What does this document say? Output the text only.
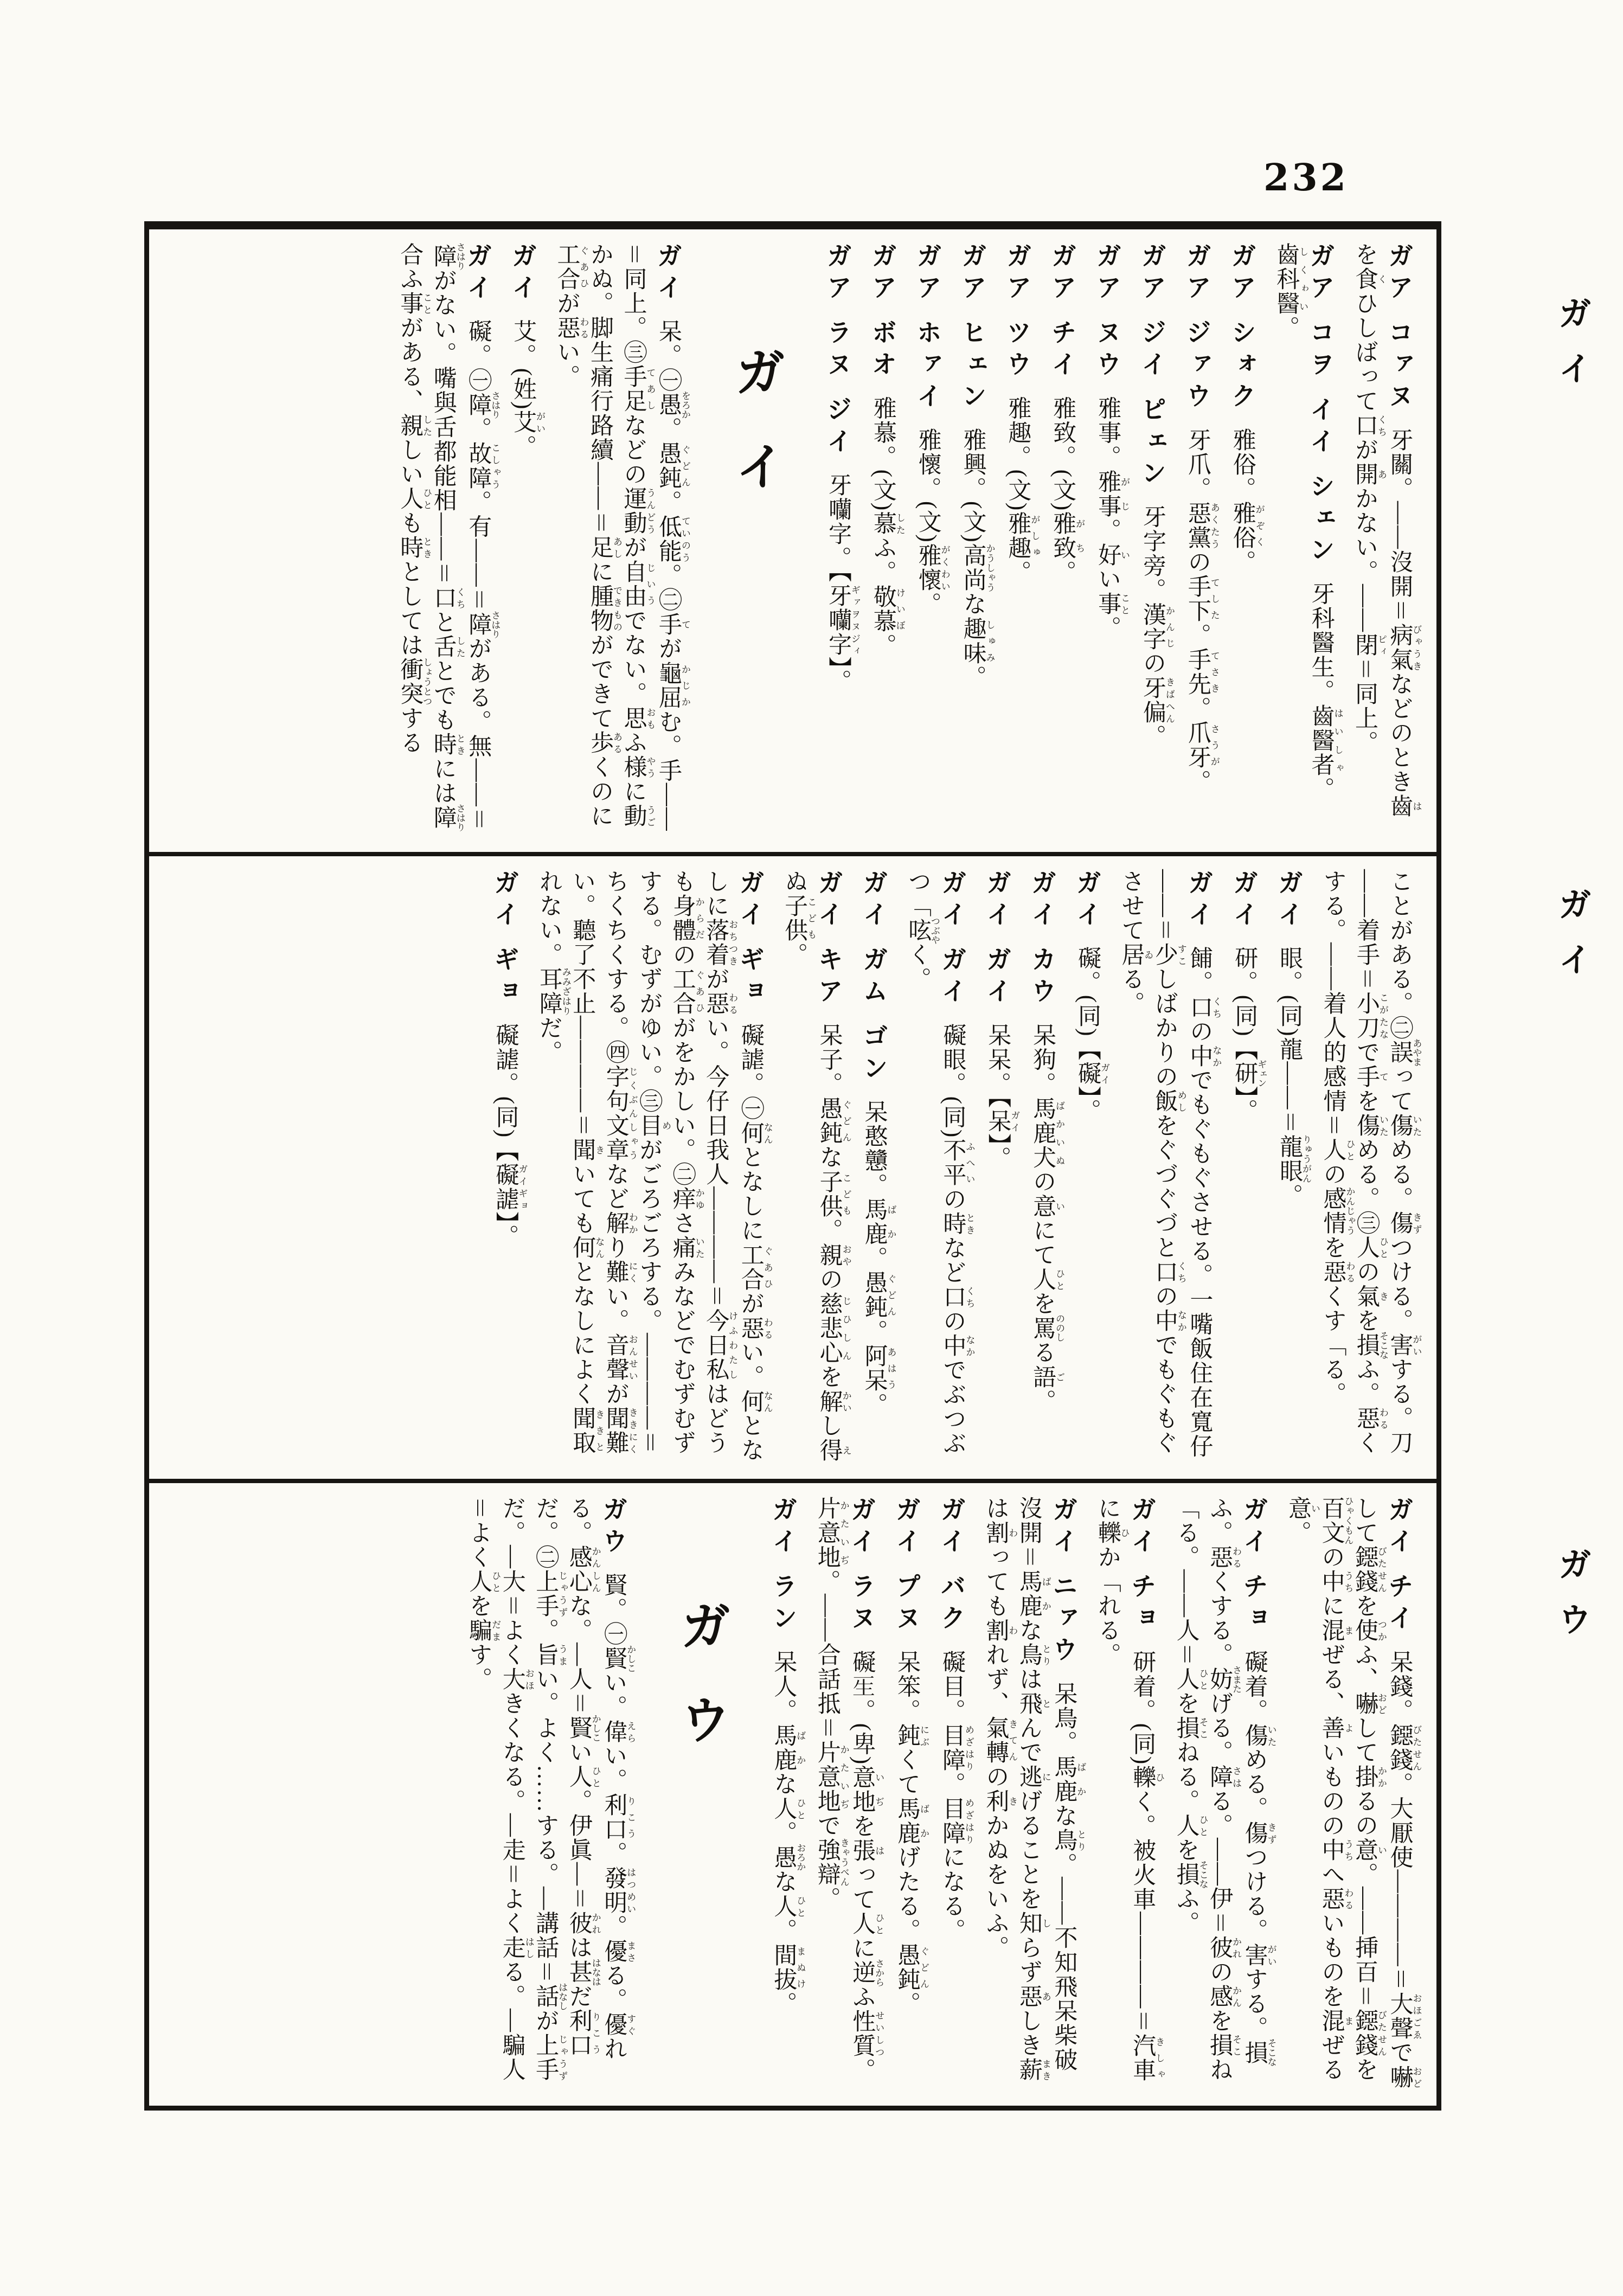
232
ガイ
ガイ
ガウ
ガア コァヌ 牙關。——沒開＝病氣びゃうきなどのとき齒はを食くひしばって口くちが開あかない。——閉ピィ＝同上。
ガア コヲ イイ シェン 牙科醫生。齒醫者はいしゃ。齒科醫しくゎい。
ガア シォク 雅俗。雅俗がぞく。
ガア ジァウ 牙爪。惡黨あくたうの手下てした。手先てさき。爪牙さうが。
ガア ジイ ピェン 牙字旁。漢字かんじの牙偏きばへん。
ガア ヌウ 雅事。雅事がじ。好いい事こと。
ガア チイ 雅致。(文)雅致がち。
ガア ツウ 雅趣。(文)雅趣がしゅ。
ガア ヒェン 雅興。(文)高尚かうしゃうな趣味しゅみ。
ガア ホァイ 雅懷。(文)雅懷がくわい。
ガア ボオ 雅慕。(文)慕したふ。敬慕けいぼ。
ガア ラヌ ジイ 牙囒字。【牙囒字ギァヲヌジィ】。
ガイ
ガイ 呆。㊀愚をろか。愚鈍ぐどん。低能ていのう。㊁手てが龜屈かじかむ。手——＝同上。㊂手足てあしなどの運動うんどうが自由じいうでない。思おもふ様やうに動うごかぬ。脚生痛行路續——＝足あしに腫物できものができて歩あるくのに工合ぐあひが惡わるい。
ガイ 艾。(姓)艾がい。
ガイ 礙。㊀障さはり。故障こしゃう。有——＝障さはりがある。無——＝障さはりがない。嘴與舌都能相——＝口くちと舌したとでも時ときには障さはり合ふ事ことがある、親したしい人ひとも時ときとしては衝突しょうとつする
ことがある。㊁誤あやまって傷いためる。傷きずつける。害がいする。刀——着手＝小刀こがたなで手てを傷いためる。㊂人ひとの氣きを損そこなふ。惡わるくする。——着人的感情＝人ひとの感情かんじゃうを惡わるくす「る。
ガイ 眼。(同)龍——＝龍眼りゅうがん。
ガイ 研。(同)【研ギェン】。
ガイ 餔。口くちの中なかでもぐもぐさせる。一嘴飯住在寬仔——＝少すこしばかりの飯めしをぐづぐづと口くちの中なかでもぐもぐさせて居ゐる。
ガイ 礙。(同)【礙ガイ】。
ガイ カウ 呆狗。馬鹿犬ばかいぬの意いにて人ひとを罵ののしる語ご。
ガイ ガイ 呆呆。【呆ガイ】。
ガイ ガイ 礙眼。(同)不平ふへいの時ときなど口くちの中なかでぶつぶつ「呟つぶやく。
ガイ ガム ゴン 呆憨戇。馬鹿ばか。愚鈍ぐどん。阿呆あはう。
ガイ キア 呆子。愚鈍ぐどんな子供こども。親おやの慈悲心じひしんを解かいし得えぬ子供こども。
ガイ ギョ 礙謔。㊀何なんとなしに工合ぐあひが惡わるい。何なんとなしに落着おちつきが惡わるい。今仔日我人————＝今日私けふわたしはどうも身體からだの工合ぐあひがをかしい。㊁痒かゆさ痛いたみなどでむずむずする。むずがゆい。㊂目めがごろごろする。————＝ちくちくする。㊃字句文章じくぶんしゃうなど解わかり難にくい。音聲おんせいが聞難ききにくい。聽了不止————＝聞きいても何なんとなしによく聞取ききとれない。耳障みみざはりだ。
ガイ ギョ 礙謔。(同)【礙謔ガイギョ】。
ガイ チイ 呆錢。鐚錢びたせん。大厭使————＝大聲おほごゑで嚇おどして鐚錢びたせんを使つかふ、嚇おどして掛かかるの意い。——挿百＝鐚錢びたせんを百文ひゃくもんの中うちに混まぜる、善よいものの中うちへ惡わるいものを混まぜる意い。
ガイ チョ 礙着。傷いためる。傷きずつける。害がいする。損そこなふ。惡わるくする。妨さまたげる。障さはる。——伊＝彼かれの感かんを損そこね「る。——人＝人ひとを損そこねる。人ひとを損そこなふ。
ガイ チョ 研着。(同)轢ひく。被火車————＝汽車きしゃに轢ひか「れる。
ガイ ニァウ 呆鳥。馬鹿ばかな鳥とり。——不知飛呆柴破沒開＝馬鹿ばかな鳥とりは飛とんで逃にげることを知しらず惡あしき薪まきは割わっても割われず、氣轉きてんの利きかぬをいふ。
ガイ バク 礙目。目障めざはり。目障めざはりになる。
ガイ プヌ 呆笨。鈍にぶくて馬鹿ばかげたる。愚鈍ぐどん。
ガイ ラヌ 礙𤯔。(卑)意地いぢを張はって人ひとに逆さからふ性質せいしつ。片意地かたいぢ。——合話抵＝片意地かたいぢで強辯きゃうべん。
ガイ ラン 呆人。馬鹿ばかな人ひと。愚おろかな人ひと。間拔まぬけ。
ガウ
ガウ 賢。㊀賢かしこい。偉えらい。利口りこう。發明はつめい。優まさる。優すぐれる。感心かんしんな。—人＝賢かしこい人ひと。伊眞—＝彼かれは甚はなはだ利口りこうだ。㊁上手じゃうず。旨うまい。よく……する。—講話＝話はなしが上手じゃうずだ。—大＝よく大おほきくなる。—走＝よく走はしる。—騙人＝よく人ひとを騙だます。
